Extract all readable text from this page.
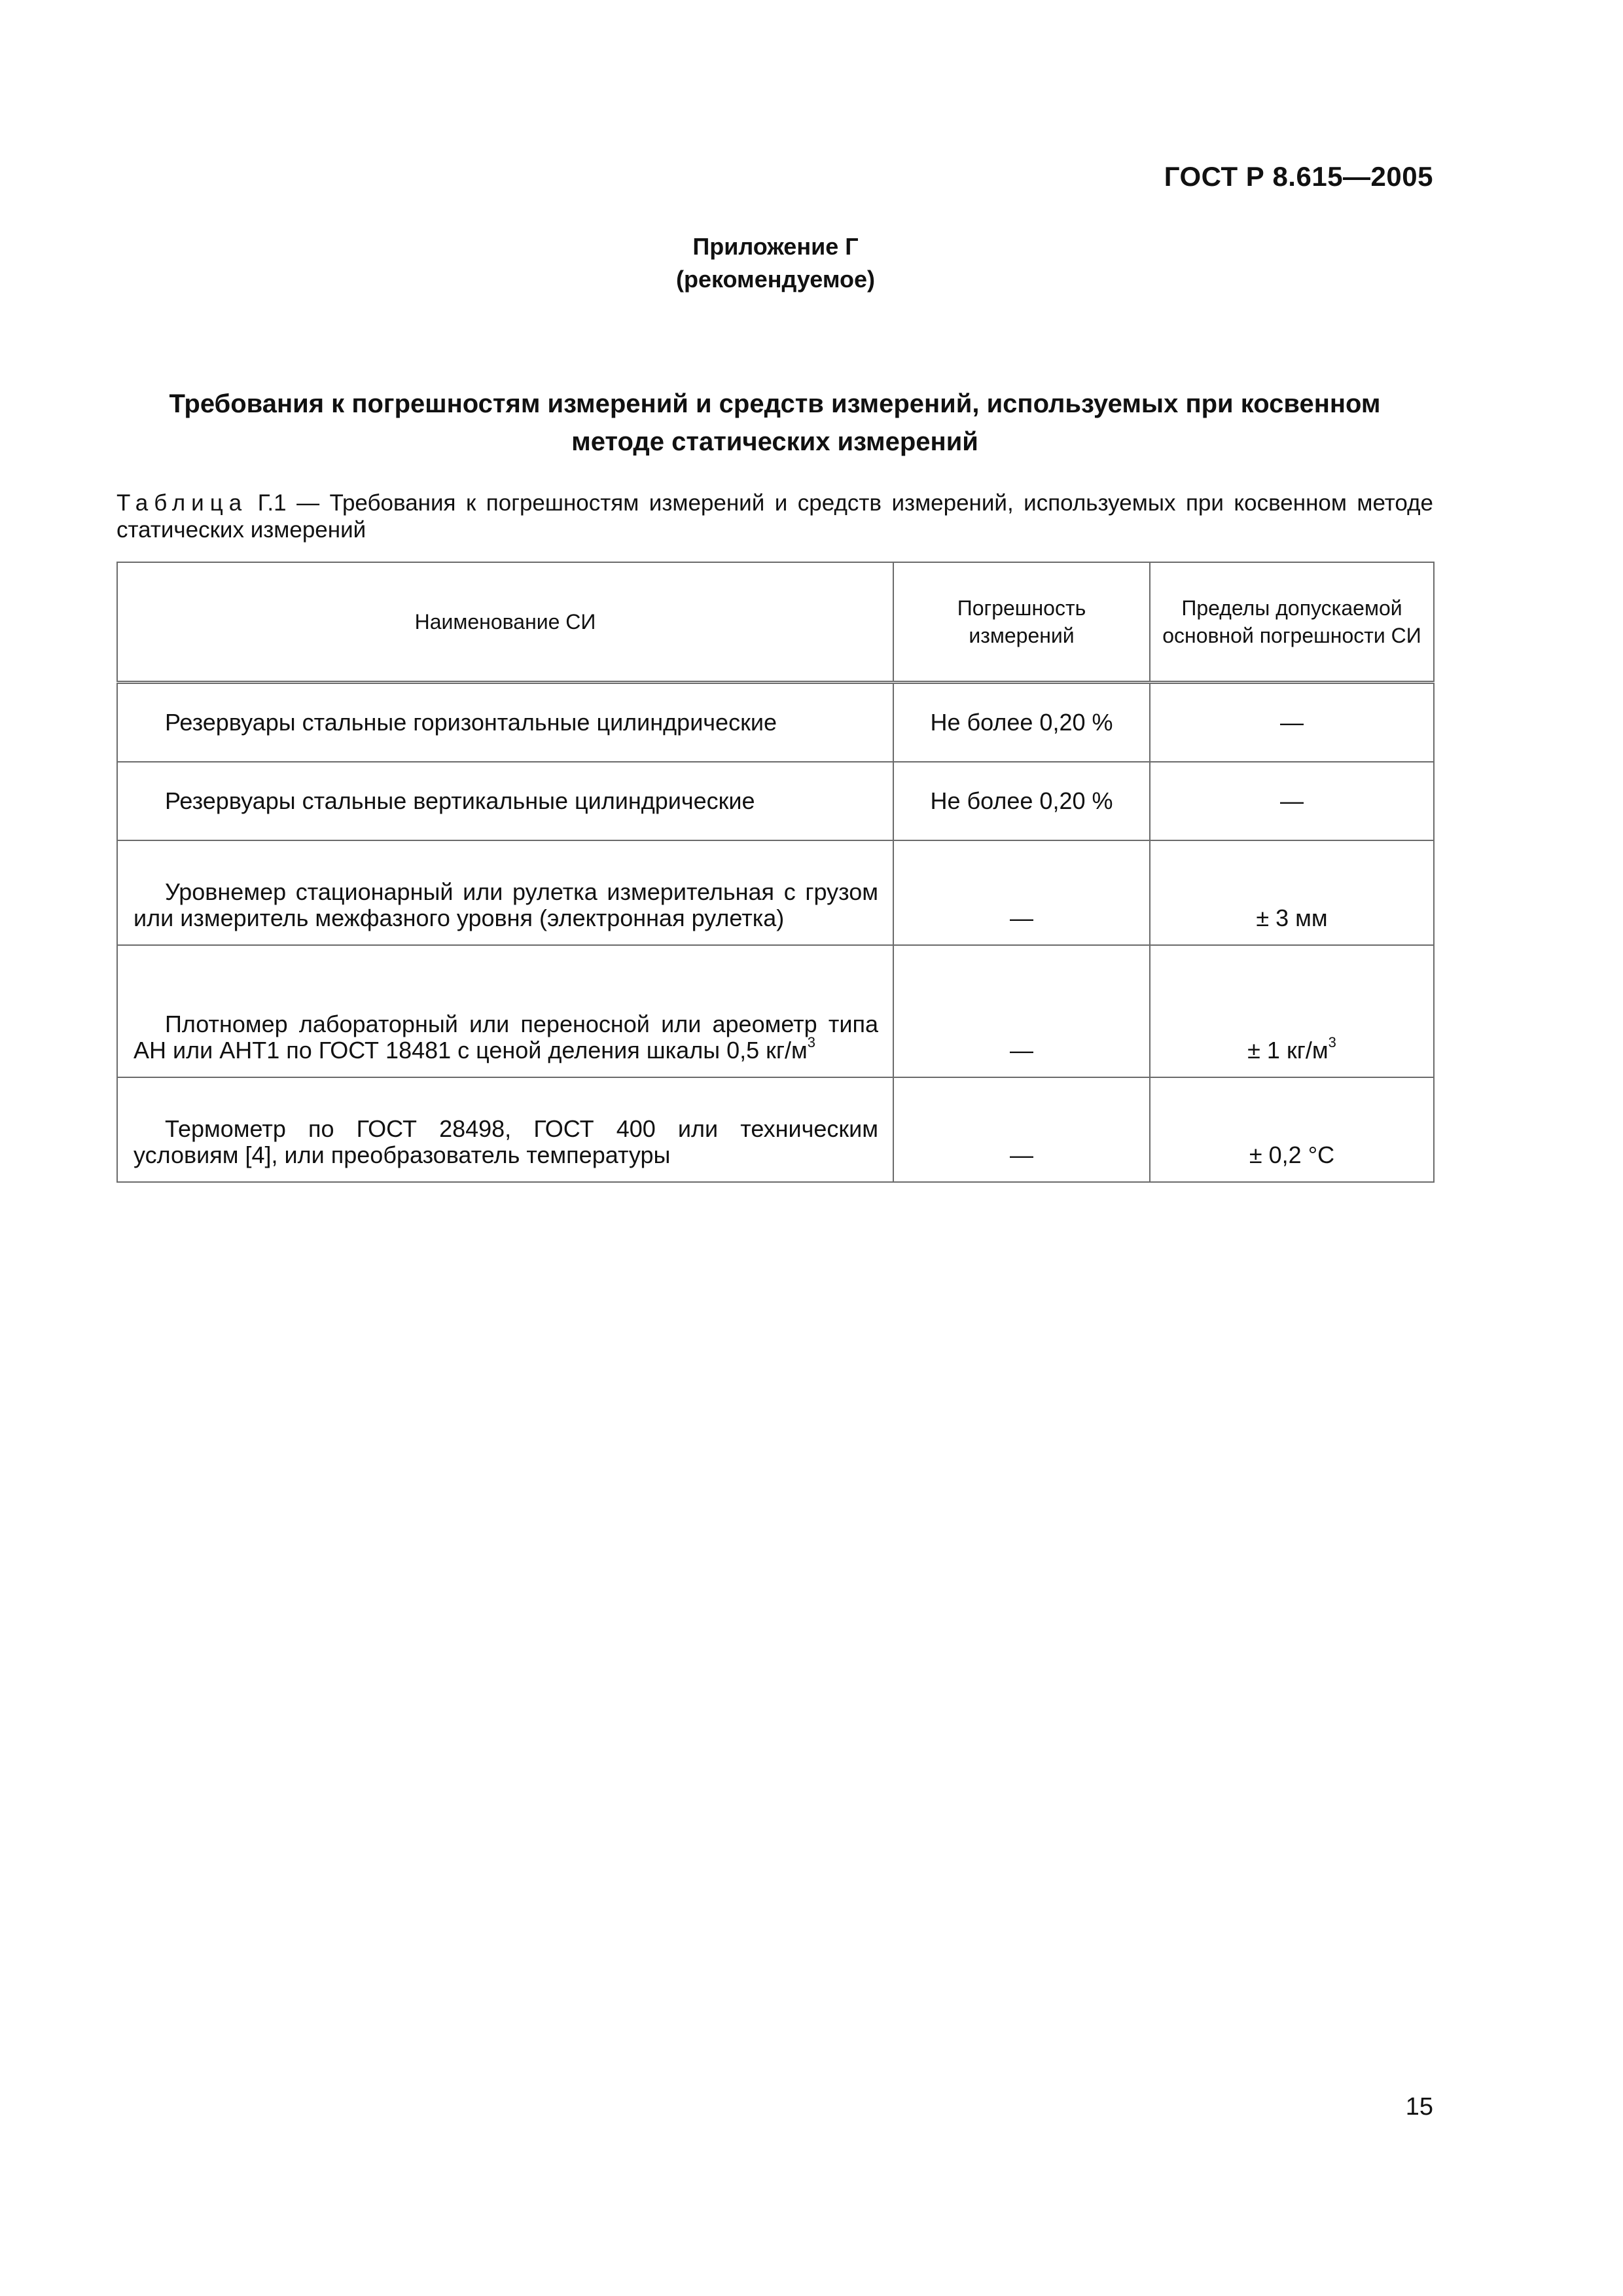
ГОСТ Р 8.615—2005
Приложение Г
(рекомендуемое)
Требования к погрешностям измерений и средств измерений, используемых при косвенном
методе статических измерений
Таблица Г.1 — Требования к погрешностям измерений и средств измерений, используемых при косвенном методе статических измерений
Наименование СИ	Погрешность измерений	Пределы допускаемой основной погрешности СИ
Резервуары стальные горизонтальные цилиндрические	Не более 0,20 %	—
Резервуары стальные вертикальные цилиндрические	Не более 0,20 %	—
Уровнемер стационарный или рулетка измерительная с грузом или измеритель межфазного уровня (электронная рулетка)	—	± 3 мм
Плотномер лабораторный или переносной или ареометр типа АН или АНТ1 по ГОСТ 18481 с ценой деления шкалы 0,5 $кг/м^3$	—	± 1 $кг/м^3$
Термометр по ГОСТ 28498, ГОСТ 400 или техническим условиям [4], или преобразователь температуры	—	± 0,2 °С
15
